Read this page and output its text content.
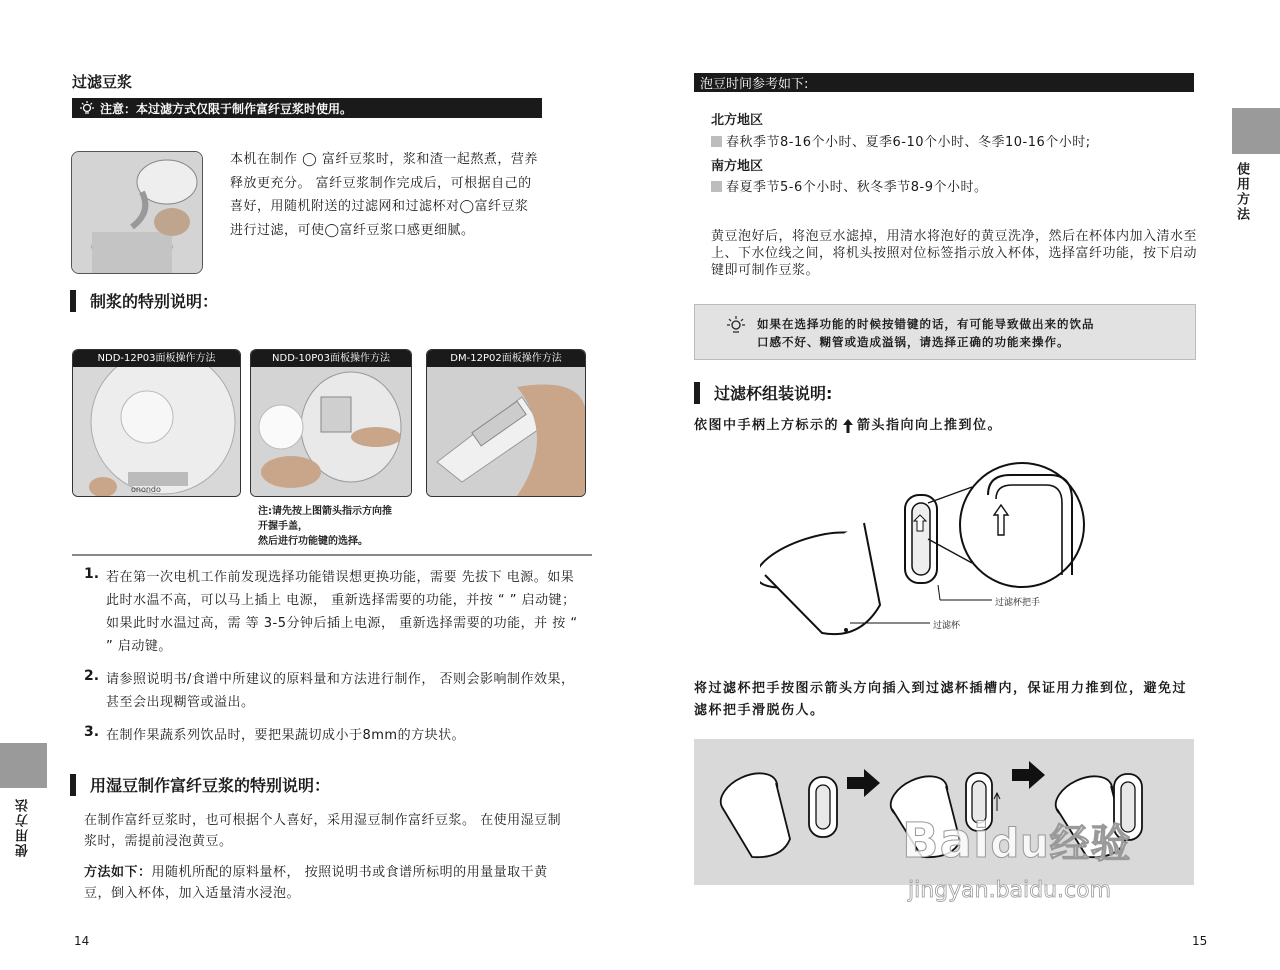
过滤豆浆
注意：本过滤方式仅限于制作富纤豆浆时使用。
本机在制作 ◯ 富纤豆浆时，浆和渣一起熬煮，营养释放更充分。 富纤豆浆制作完成后，可根据自己的喜好，用随机附送的过滤网和过滤杯对◯富纤豆浆进行过滤，可使◯富纤豆浆口感更细腻。
制浆的特别说明：
NDD-12P03面板操作方法
onondo
NDD-10P03面板操作方法	DM-12P02面板操作方法
注:请先按上图箭头指示方向推
开握手盖，
然后进行功能键的选择。
1. 若在第一次电机工作前发现选择功能错误想更换功能，需要 先拔下 电源。如果此时水温不高，可以马上插上 电源， 重新选择需要的功能，并按 “ ” 启动键；如果此时水温过高，需 等 3-5分钟后插上电源， 重新选择需要的功能，并 按 “ ” 启动键。
2. 请参照说明书/食谱中所建议的原料量和方法进行制作， 否则会影响制作效果，甚至会出现糊管或溢出。
3. 在制作果蔬系列饮品时，要把果蔬切成小于8mm的方块状。
用湿豆制作富纤豆浆的特别说明：
在制作富纤豆浆时，也可根据个人喜好，采用湿豆制作富纤豆浆。 在使用湿豆制浆时，需提前浸泡黄豆。
方法如下：用随机所配的原料量杯， 按照说明书或食谱所标明的用量量取干黄豆，倒入杯体，加入适量清水浸泡。
使用方法
14
泡豆时间参考如下:
北方地区
春秋季节8-16个小时、夏季6-10个小时、冬季10-16个小时;
南方地区
春夏季节5-6个小时、秋冬季节8-9个小时。
黄豆泡好后，将泡豆水滤掉，用清水将泡好的黄豆洗净，然后在杯体内加入清水至上、下水位线之间，将机头按照对位标签指示放入杯体，选择富纤功能，按下启动键即可制作豆浆。
如果在选择功能的时候按错键的话，有可能导致做出来的饮品
口感不好、糊管或造成溢锅，请选择正确的功能来操作。
过滤杯组装说明:
依图中手柄上方标示的 箭头指向向上推到位。
过滤杯把手
过滤杯
将过滤杯把手按图示箭头方向插入到过滤杯插槽内，保证用力推到位，避免过滤杯把手滑脱伤人。
Baidu经验
jingyan.baidu.com
使用方法
15
